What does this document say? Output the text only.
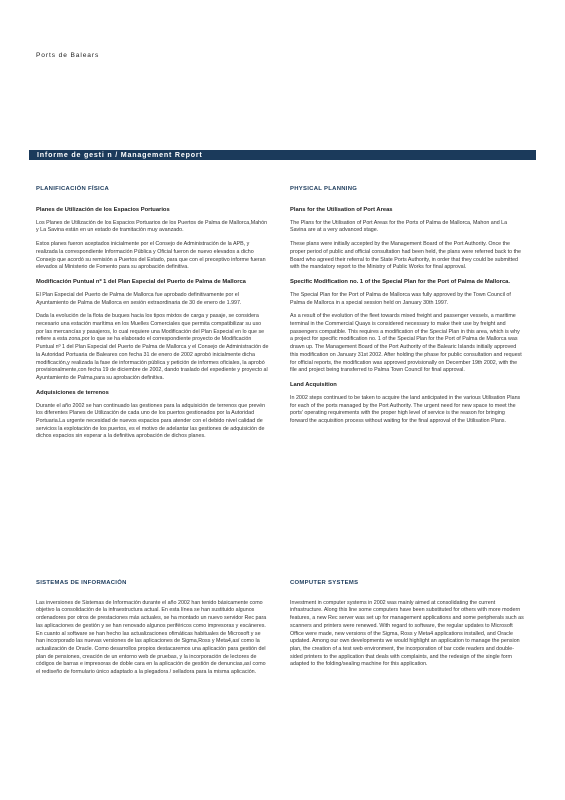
Ports de Balears
Informe de gesti n / Management Report
PLANIFICACIÓN FÍSICA
Planes de Utilización de los Espacios Portuarios
Los Planes de Utilización de los Espacios Portuarios de los Puertos de Palma de Mallorca,Mahón y La Savina están en un estado de tramitación muy avanzado.
Estos planes fueron aceptados inicialmente por el Consejo de Administración de la APB, y realizada la correspondiente Información Pública y Oficial fueron de nuevo elevados a dicho Consejo que acordó su remisión a Puertos del Estado, para que con el preceptivo informe fueran elevados al Ministerio de Fomento para su aprobación definitiva.
Modificación Puntual nº 1 del Plan Especial del Puerto de Palma de Mallorca
El Plan Especial del Puerto de Palma de Mallorca fue aprobado definitivamente por el Ayuntamiento de Palma de Mallorca en sesión extraordinaria de 30 de enero de 1.997.
Dada la evolución de la flota de buques hacia los tipos mixtos de carga y pasaje, se considera necesario una estación marítima en los Muelles Comerciales que permita compatibilizar su uso por las mercancías y pasajeros, lo cual requiere una Modificación del Plan Especial en lo que se refiere a esta zona,por lo que se ha elaborado el correspondiente proyecto de Modificación Puntual nº 1 del Plan Especial del Puerto de Palma de Mallorca y el Consejo de Administración de la Autoridad Portuaria de Baleares con fecha 31 de enero de 2002 aprobó inicialmente dicha modificación,y realizada la fase de información pública y petición de informes oficiales, la aprobó provisionalmente,con fecha 19 de diciembre de 2002, dando traslado del expediente y proyecto al Ayuntamiento de Palma,para su aprobación definitiva.
Adquisiciones de terrenos
Durante el año 2002 se han continuado las gestiones para la adquisición de terrenos que prevén los diferentes Planes de Utilización de cada uno de los puertos gestionados por la Autoridad Portuaria.La urgente necesidad de nuevos espacios para atender con el debido nivel calidad de servicios la explotación de los puertos, es el motivo de adelantar las gestiones de adquisición de dichos espacios sin esperar a la definitiva aprobación de dichos planes.
PHYSICAL PLANNING
Plans for the Utilisation of Port Areas
The Plans for the Utilisation of Port Areas for the Ports of Palma de Mallorca, Mahon and La Savina are at a very advanced stage.
These plans were initially accepted by the Management Board of the Port Authority. Once the proper period of public and official consultation had been held, the plans were referred back to the Board who agreed their referral to the State Ports Authority, in order that they could be submitted with the mandatory report to the Ministry of Public Works for final approval.
Specific Modification no. 1 of the Special Plan for the Port of Palma de Mallorca.
The Special Plan for the Port of Palma de Mallorca was fully approved by the Town Council of Palma de Mallorca in a special session held on January 30th 1997.
As a result of the evolution of the fleet towards mixed freight and passenger vessels, a maritime terminal in the Commercial Quays is considered necessary to make their use by freight and passengers compatible. This requires a modification of the Special Plan in this area, which is why a project for specific modification no. 1 of the Special Plan for the Port of Palma de Mallorca was drawn up. The Management Board of the Port Authority of the Balearic Islands initially approved this modification on January 31st 2002. After holding the phase for public consultation and request for official reports, the modification was approved provisionally on December 19th 2002, with the file and project being transferred to Palma Town Council for final approval.
Land Acquisition
In 2002 steps continued to be taken to acquire the land anticipated in the various Utilisation Plans for each of the ports managed by the Port Authority. The urgent need for new space to meet the ports' operating requirements with the proper high level of service is the reason for bringing forward the acquisition process without waiting for the final approval of the Utilisation Plans.
SISTEMAS DE INFORMACIÓN
Las inversiones de Sistemas de Información durante el año 2002 han tenido básicamente como objetivo la consolidación de la infraestructura actual. En esta línea se han sustituido algunos ordenadores por otros de prestaciones más actuales, se ha montado un nuevo servidor Rec para las aplicaciones de gestión y se han renovado algunos periféricos como impresoras y escáneres. En cuanto al software se han hecho las actualizaciones ofimáticas habituales de Microsoft y se han incorporado las nuevas versiones de las aplicaciones de Sigma,Ross y Meta4,así como la actualización de Oracle. Como desarrollos propios destacaremos una aplicación para gestión del plan de pensiones, creación de un entorno web de pruebas, y la incorporación de lectores de códigos de barras e impresoras de doble cara en la aplicación de gestión de denuncias,así como el rediseño de formulario único adaptado a la plegadora / selladora para la misma aplicación.
COMPUTER SYSTEMS
Investment in computer systems in 2002 was mainly aimed at consolidating the current infrastructure. Along this line some computers have been substituted for others with more modern features, a new Rec server was set up for management applications and some peripherals such as scanners and printers were renewed. With regard to software, the regular updates to Microsoft Office were made, new versions of the Sigma, Ross y Meta4 applications installed, and Oracle updated. Among our own developments we would highlight an application to manage the pension plan, the creation of a test web environment, the incorporation of bar code readers and double-sided printers to the application that deals with complaints, and the redesign of the single form adapted to the folding/sealing machine for this application.
